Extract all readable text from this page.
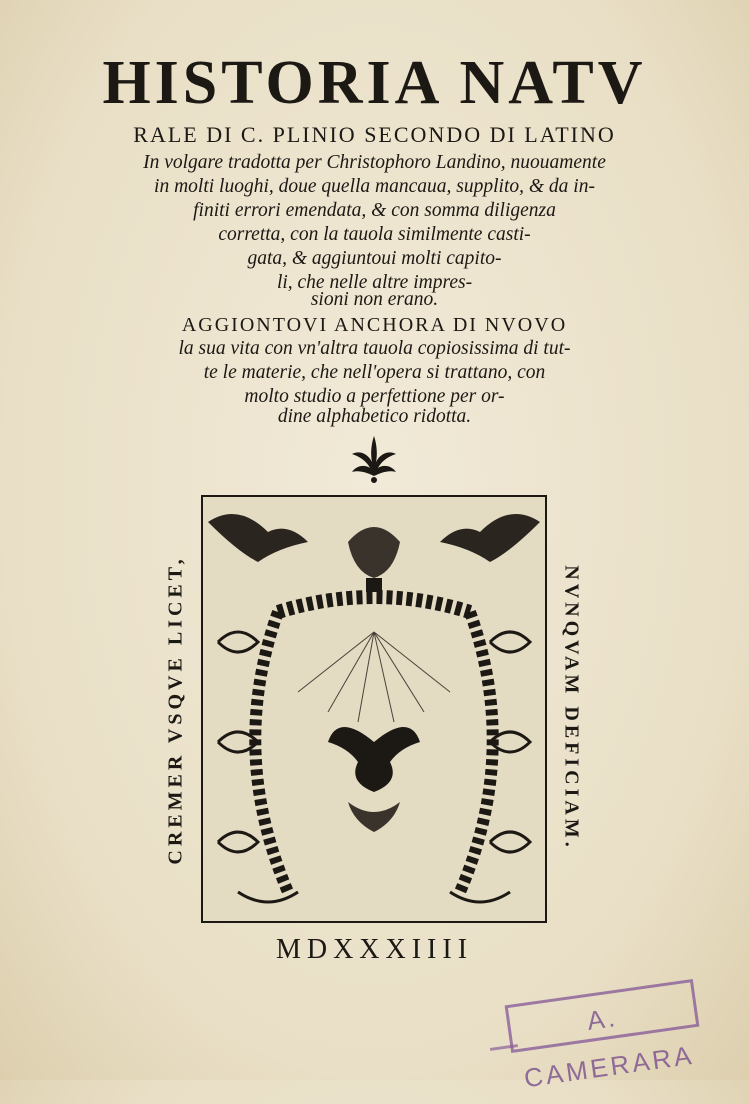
HISTORIA NATV
RALE DI C. PLINIO SECONDO DI LATINO
In volgare tradotta per Christophoro Landino, nuouamente
in molti luoghi, doue quella mancaua, supplito, & da in-
finiti errori emendata, & con somma diligenza
corretta, con la tauola similmente casti-
gata, & aggiuntoui molti capito-
li, che nelle altre impres-
sioni non erano.
AGGIONTOVI ANCHORA DI NVOVO
la sua vita con vn'altra tauola copiosissima di tut-
te le materie, che nell'opera si trattano, con
molto studio a perfettione per or-
dine alphabetico ridotta.
CREMER VSQVE LICET,	NVNQVAM DEFICIAM.
MDXXXIIII
A. CAMERARA
